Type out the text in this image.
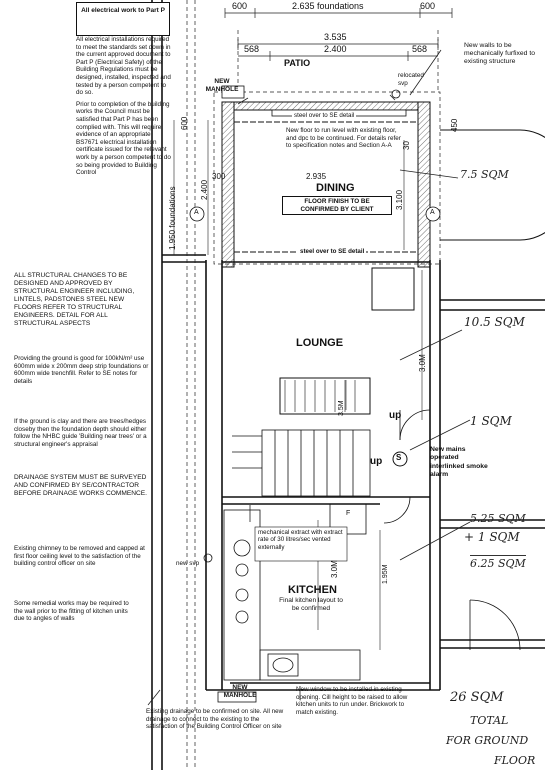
All electrical work to Part P

All electrical installations required to meet the standards set down in the current approved document to Part P (Electrical Safety) of the Building Regulations must be designed, installed, inspected and tested by a person competent to do so.

Prior to completion of the building works the Council must be satisfied that Part P has been complied with. This will require evidence of an appropriate BS7671 electrical installation certificate issued for the relevant work by a person competent to do so being provided to Building Control

ALL STRUCTURAL CHANGES TO BE DESIGNED AND APPROVED BY STRUCTURAL ENGINEER INCLUDING, LINTELS, PADSTONES STEEL NEW FLOORS REFER TO STRUCTURAL ENGINEERS. DETAIL FOR ALL STRUCTURAL ASPECTS
Providing the ground is good for 100kN/m² use 600mm wide x 200mm deep strip foundations or 600mm wide trenchfill. Refer to SE notes for details
If the ground is clay and there are trees/hedges closeby then the foundation depth should either follow the NHBC guide 'Building near trees' or a structural engineer's appraisal
DRAINAGE SYSTEM MUST BE SURVEYED AND CONFIRMED BY SE/CONTRACTOR BEFORE DRAINAGE WORKS COMMENCE.
Existing chimney to be removed and capped at first floor ceiling level to the satisfaction of the building control officer on site
Some remedial works may be required to the wall prior to the fitting of kitchen units due to angles of walls
600	2.635 foundations	600
3.535
568	2.400	568
PATIO
New walls to be mechanically furfixed to existing structure
relocated svp
NEW MANHOLE
steel over to SE detail
New floor to run level with existing floor, and dpc to be continued. For details refer to specification notes and Section A-A
600
300
2.400
2.935
3.100
1.950 foundations
450
30
DINING
FLOOR FINISH TO BE CONFIRMED BY CLIENT
A	A
steel over to SE detail
LOUNGE
3.0M
3.5M	up
up S
New mains operated interlinked smoke alarm
mechanical extract with extract rate of 30 litres/sec vented externally
F
new svp	3.0M	1.95M
KITCHEN
Final kitchen layout to be confirmed
NEW MANHOLE
New window to be installed in existing opening. Cill height to be raised to allow kitchen units to run under. Brickwork to match existing.
Existing drainage to be confirmed on site. All new drainage to connect to the existing to the satisfaction of the Building Control Officer on site
7.5 SQM
10.5 SQM
1 SQM
5.25 SQM
+ 1 SQM
6.25 SQM
26 SQM
TOTAL
FOR GROUND
FLOOR
